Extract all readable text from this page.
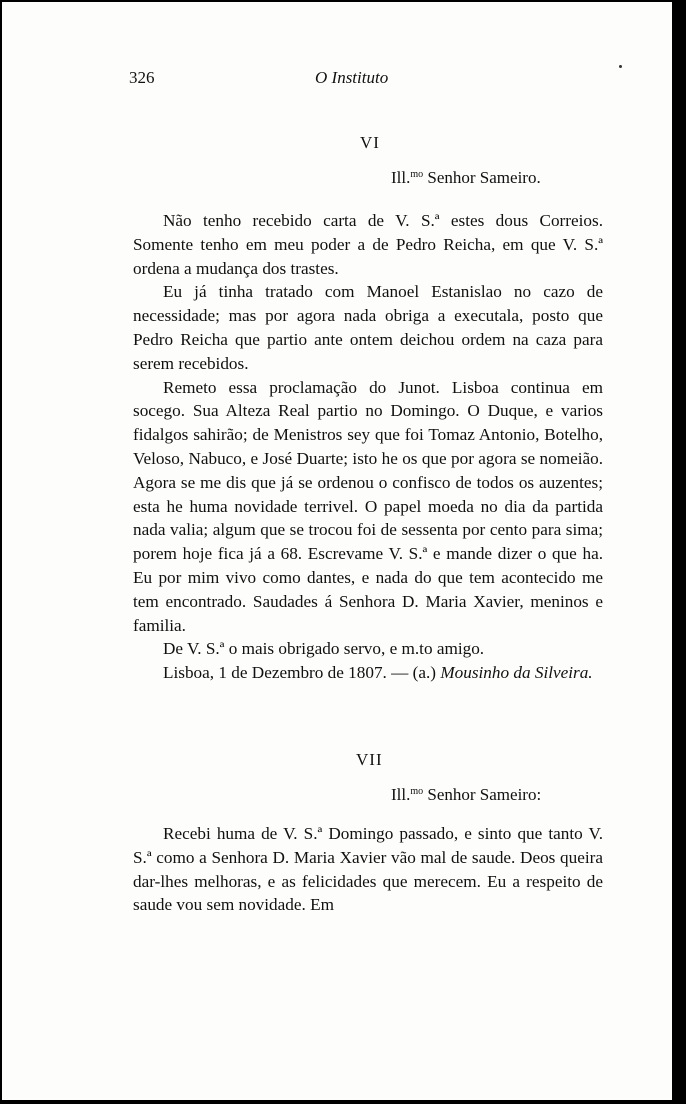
326	O Instituto
VI
Ill.$^{mo}$ Senhor Sameiro.

Não tenho recebido carta de V. S.ª estes dous Correios. Somente tenho em meu poder a de Pedro Reicha, em que V. S.ª ordena a mudança dos trastes.

Eu já tinha tratado com Manoel Estanislao no cazo de necessidade; mas por agora nada obriga a executala, posto que Pedro Reicha que partio ante ontem deichou ordem na caza para serem recebidos.

Remeto essa proclamação do Junot. Lisboa continua em socego. Sua Alteza Real partio no Domingo. O Duque, e varios fidalgos sahirão; de Menistros sey que foi Tomaz Antonio, Botelho, Veloso, Nabuco, e José Duarte; isto he os que por agora se nomeião. Agora se me dis que já se ordenou o confisco de todos os auzentes; esta he huma novidade terrivel. O papel moeda no dia da partida nada valia; algum que se trocou foi de sessenta por cento para sima; porem hoje fica já a 68. Escrevame V. S.ª e mande dizer o que ha. Eu por mim vivo como dantes, e nada do que tem acontecido me tem encontrado. Saudades á Senhora D. Maria Xavier, meninos e familia.

De V. S.ª o mais obrigado servo, e m.to amigo.

Lisboa, 1 de Dezembro de 1807. — (a.) Mousinho da Silveira.

VII
Ill.$^{mo}$ Senhor Sameiro:

Recebi huma de V. S.ª Domingo passado, e sinto que tanto V. S.ª como a Senhora D. Maria Xavier vão mal de saude. Deos queira dar-lhes melhoras, e as felicidades que merecem. Eu a respeito de saude vou sem novidade. Em
